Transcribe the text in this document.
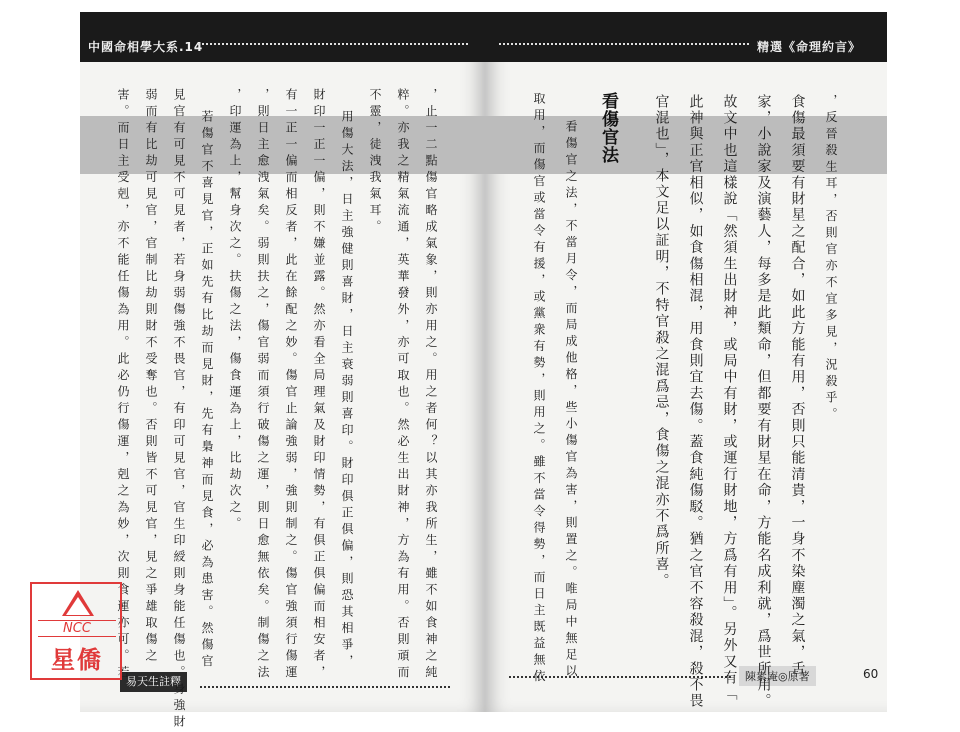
中國命相學大系.14
易天生註釋
精選《命理約言》
陳素庵◎原著	60
，止一二點傷官略成氣象，則亦用之。用之者何？以其亦我所生，雖不如食神之純
粹。亦我之精氣流通，英華發外，亦可取也。然必生出財神，方為有用。否則頑而
不靈，徒洩我氣耳。
用傷大法，日主強健則喜財，日主衰弱則喜印。財印俱正俱偏，則恐其相爭，
財印一正一偏，則不嫌並露。然亦看全局理氣及財印情勢，有俱正俱偏而相安者，
有一正一偏而相反者，此在餘配之妙。傷官止論強弱，強則制之。傷官強須行傷運
，則日主愈洩氣矣。弱則扶之，傷官弱而須行破傷之運，則日愈無依矣。制傷之法
，印運為上，幫身次之。扶傷之法，傷食運為上，比劫次之。
若傷官不喜見官，正如先有比劫而見財，先有梟神而見食，必為患害。然傷官
見官有可見不可見者，若身弱傷強不畏官，有印可見官，官生印綬則身能任傷也。身強財
弱而有比劫可見官，官制比劫則財不受奪也。否則皆不可見官，見之爭雄取傷之
害。而日主受剋，亦不能任傷為用。此必仍行傷運，剋之為妙，次則食運亦可。若	，反晉殺生耳，否則官亦不宜多見，況殺乎。
食傷最須要有財星之配合，如此方能有用，否則只能清貴，一身不染塵濁之氣，舌
家，小說家及演藝人，每多是此類命，但都要有財星在命，方能名成利就，爲世所用。
故文中也這樣說「然須生出財神，或局中有財，或運行財地，方爲有用」。另外又有「
此神與正官相似，如食傷相混，用食則宜去傷。蓋食純傷駁。猶之官不容殺混，殺不畏
官混也」，本文足以証明，不特官殺之混爲忌，食傷之混亦不爲所喜。
看傷官法
看傷官之法，不當月令，而局成他格，些小傷官為害，則置之。唯局中無足以
取用，而傷官或當令有援，或黨衆有勢，則用之。雖不當令得勢，而日主既益無依
NCC
星僑
